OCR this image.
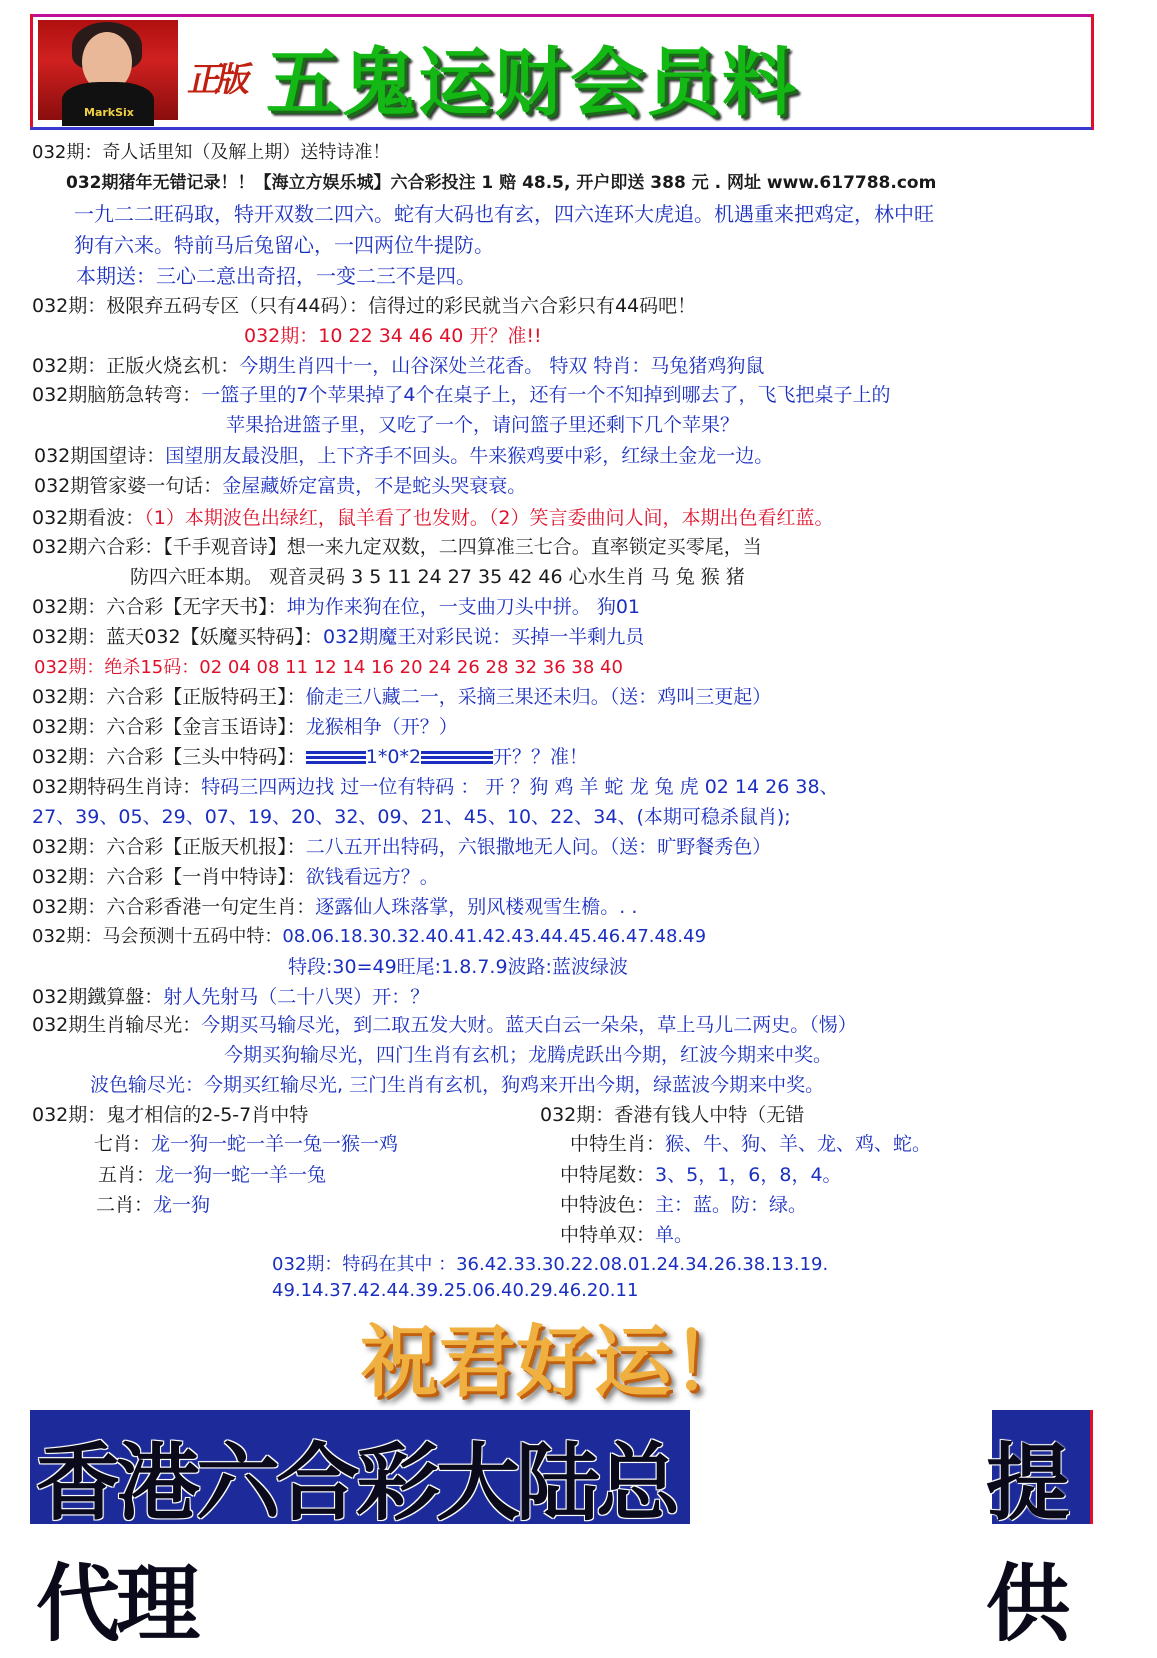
MarkSix
正版 五鬼运财会员料
032期：奇人话里知（及解上期）送特诗准！
032期猪年无错记录！！【海立方娱乐城】六合彩投注 1 赔 48.5, 开户即送 388 元 . 网址 www.617788.com
一九二二旺码取，特开双数二四六。蛇有大码也有玄，四六连环大虎追。机遇重来把鸡定，林中旺
狗有六来。特前马后兔留心，一四两位牛提防。
本期送：三心二意出奇招，一变二三不是四。
032期：极限弃五码专区（只有44码）：信得过的彩民就当六合彩只有44码吧！
032期：10 22 34 46 40 开？准!!
032期：正版火烧玄机：今期生肖四十一，山谷深处兰花香。 特双 特肖：马兔猪鸡狗鼠
032期脑筋急转弯：一篮子里的7个苹果掉了4个在桌子上，还有一个不知掉到哪去了，飞飞把桌子上的
苹果拾进篮子里，又吃了一个，请问篮子里还剩下几个苹果？
032期国望诗：国望朋友最没胆，上下齐手不回头。牛来猴鸡要中彩，红绿土金龙一边。
032期管家婆一句话：金屋藏娇定富贵，不是蛇头哭衰衰。
032期看波：（1）本期波色出绿红，鼠羊看了也发财。（2）笑言委曲问人间，本期出色看红蓝。
032期六合彩：【千手观音诗】想一来九定双数，二四算准三七合。直率锁定买零尾，当
防四六旺本期。 观音灵码 3 5 11 24 27 35 42 46 心水生肖 马 兔 猴 猪
032期：六合彩【无字天书】：坤为作来狗在位，一支曲刀头中拼。 狗01
032期：蓝天032【妖魔买特码】：032期魔王对彩民说：买掉一半剩九员
032期：绝杀15码：02 04 08 11 12 14 16 20 24 26 28 32 36 38 40
032期：六合彩【正版特码王】：偷走三八藏二一，采摘三果还未归。（送：鸡叫三更起）
032期：六合彩【金言玉语诗】：龙猴相争（开？）
032期：六合彩【三头中特码】：	1*0*2	开？？准！
032期特码生肖诗：特码三四两边找 过一位有特码 ： 开 ？狗 鸡 羊 蛇 龙 兔 虎 02 14 26 38、
27、39、05、29、07、19、20、32、09、21、45、10、22、34、(本期可稳杀鼠肖);
032期：六合彩【正版天机报】：二八五开出特码，六银撒地无人问。（送：旷野餐秀色）
032期：六合彩【一肖中特诗】：欲钱看远方？。
032期：六合彩香港一句定生肖：逐露仙人珠落掌，别风楼观雪生檐。. .
032期：马会预测十五码中特：08.06.18.30.32.40.41.42.43.44.45.46.47.48.49
特段:30=49旺尾:1.8.7.9波路:蓝波绿波
032期鐵算盤：射人先射马（二十八哭）开：？
032期生肖输尽光：今期买马输尽光，到二取五发大财。蓝天白云一朵朵，草上马儿二两史。（惕）
今期买狗输尽光，四门生肖有玄机；龙腾虎跃出今期，红波今期来中奖。
波色输尽光：今期买红输尽光, 三门生肖有玄机，狗鸡来开出今期，绿蓝波今期来中奖。
032期：鬼才相信的2-5-7肖中特	032期：香港有钱人中特（无错
七肖：龙一狗一蛇一羊一兔一猴一鸡	中特生肖：猴、牛、狗、羊、龙、鸡、蛇。
五肖：龙一狗一蛇一羊一兔	中特尾数：3、5，1，6，8，4。
二肖：龙一狗	中特波色：主：蓝。防：绿。
中特单双：单。
032期：特码在其中 ：36.42.33.30.22.08.01.24.34.26.38.13.19.
49.14.37.42.44.39.25.06.40.29.46.20.11
祝君好运！
香港六合彩大陆总代理
提供
